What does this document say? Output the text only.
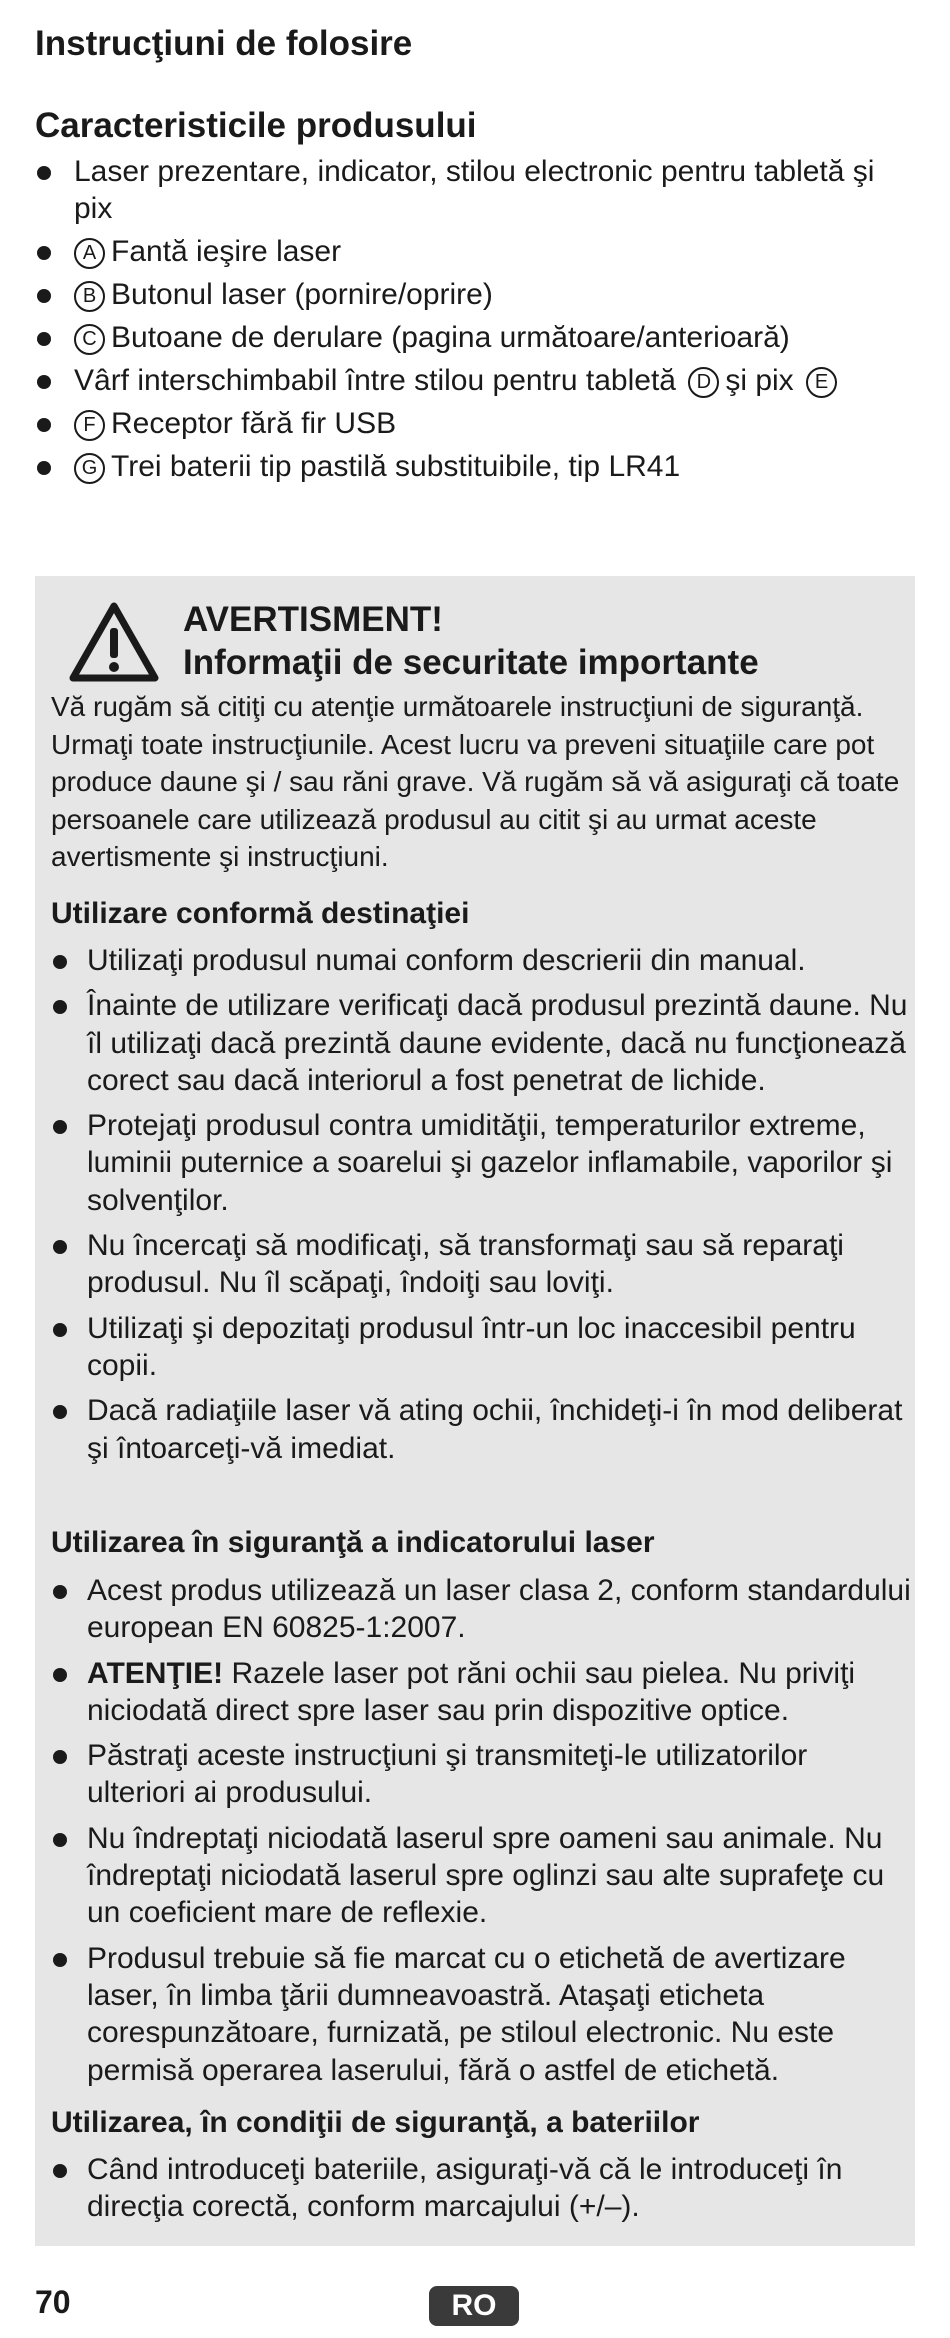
Instrucţiuni de folosire
Caracteristicile produsului
Laser prezentare, indicator, stilou electronic pentru tabletă şi pix
A Fantă ieşire laser
B Butonul laser (pornire/oprire)
C Butoane de derulare (pagina următoare/anterioară)
Vârf interschimbabil între stilou pentru tabletă D şi pix E
F Receptor fără fir USB
G Trei baterii tip pastilă substituibile, tip LR41
AVERTISMENT!
Informaţii de securitate importante
Vă rugăm să citiţi cu atenţie următoarele instrucţiuni de siguranţă. Urmaţi toate instrucţiunile. Acest lucru va preveni situaţiile care pot produce daune şi / sau răni grave. Vă rugăm să vă asiguraţi că toate persoanele care utilizează produsul au citit şi au urmat aceste avertismente şi instrucţiuni.
Utilizare conformă destinaţiei
Utilizaţi produsul numai conform descrierii din manual.
Înainte de utilizare verificaţi dacă produsul prezintă daune. Nu îl utilizaţi dacă prezintă daune evidente, dacă nu funcţionează corect sau dacă interiorul a fost penetrat de lichide.
Protejaţi produsul contra umidităţii, temperaturilor extreme, luminii puternice a soarelui şi gazelor inflamabile, vaporilor şi solvenţilor.
Nu încercaţi să modificaţi, să transformaţi sau să reparaţi produsul. Nu îl scăpaţi, îndoiţi sau loviţi.
Utilizaţi şi depozitaţi produsul într-un loc inaccesibil pentru copii.
Dacă radiaţiile laser vă ating ochii, închideţi-i în mod deliberat şi întoarceţi-vă imediat.
Utilizarea în siguranţă a indicatorului laser
Acest produs utilizează un laser clasa 2, conform standardului european EN 60825-1:2007.
ATENŢIE! Razele laser pot răni ochii sau pielea. Nu priviţi niciodată direct spre laser sau prin dispozitive optice.
Păstraţi aceste instrucţiuni şi transmiteţi-le utilizatorilor ulteriori ai produsului.
Nu îndreptaţi niciodată laserul spre oameni sau animale. Nu îndreptaţi niciodată laserul spre oglinzi sau alte suprafeţe cu un coeficient mare de reflexie.
Produsul trebuie să fie marcat cu o etichetă de avertizare laser, în limba ţării dumneavoastră. Ataşaţi eticheta corespunzătoare, furnizată, pe stiloul electronic. Nu este permisă operarea laserului, fără o astfel de etichetă.
Utilizarea, în condiţii de siguranţă, a bateriilor
Când introduceţi bateriile, asiguraţi-vă că le introduceţi în direcţia corectă, conform marcajului (+/–).
70	RO
